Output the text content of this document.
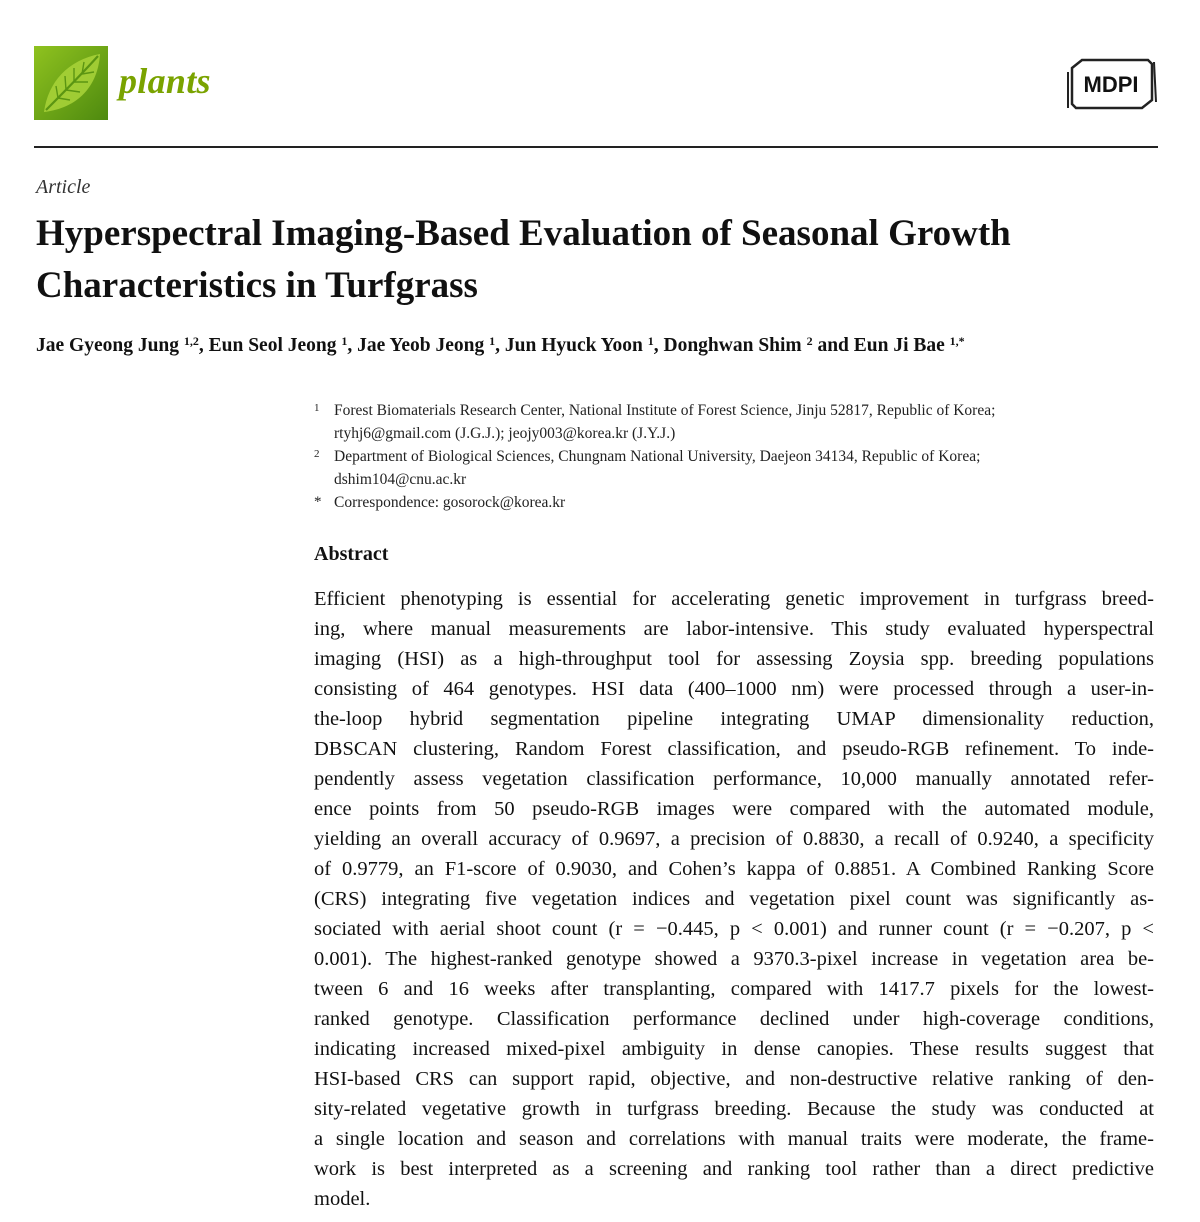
plants	MDPI
Article
Hyperspectral Imaging-Based Evaluation of Seasonal Growth
Characteristics in Turfgrass
Jae Gyeong Jung $^{1,2}$, Eun Seol Jeong $^1$, Jae Yeob Jeong $^1$, Jun Hyuck Yoon $^1$, Donghwan Shim $^2$ and Eun Ji Bae $^{1,*}$
1 Forest Biomaterials Research Center, National Institute of Forest Science, Jinju 52817, Republic of Korea;
rtyhj6@gmail.com (J.G.J.); jeojy003@korea.kr (J.Y.J.)
2 Department of Biological Sciences, Chungnam National University, Daejeon 34134, Republic of Korea;
dshim104@cnu.ac.kr
* Correspondence: gosorock@korea.kr
Abstract
Efficient phenotyping is essential for accelerating genetic improvement in turfgrass breed-
ing, where manual measurements are labor-intensive. This study evaluated hyperspectral
imaging (HSI) as a high-throughput tool for assessing Zoysia spp. breeding populations
consisting of 464 genotypes. HSI data (400–1000 nm) were processed through a user-in-
the-loop hybrid segmentation pipeline integrating UMAP dimensionality reduction,
DBSCAN clustering, Random Forest classification, and pseudo-RGB refinement. To inde-
pendently assess vegetation classification performance, 10,000 manually annotated refer-
ence points from 50 pseudo-RGB images were compared with the automated module,
yielding an overall accuracy of 0.9697, a precision of 0.8830, a recall of 0.9240, a specificity
of 0.9779, an F1-score of 0.9030, and Cohen’s kappa of 0.8851. A Combined Ranking Score
(CRS) integrating five vegetation indices and vegetation pixel count was significantly as-
sociated with aerial shoot count (r = −0.445, p < 0.001) and runner count (r = −0.207, p <
0.001). The highest-ranked genotype showed a 9370.3-pixel increase in vegetation area be-
tween 6 and 16 weeks after transplanting, compared with 1417.7 pixels for the lowest-
ranked genotype. Classification performance declined under high-coverage conditions,
indicating increased mixed-pixel ambiguity in dense canopies. These results suggest that
HSI-based CRS can support rapid, objective, and non-destructive relative ranking of den-
sity-related vegetative growth in turfgrass breeding. Because the study was conducted at
a single location and season and correlations with manual traits were moderate, the frame-
work is best interpreted as a screening and ranking tool rather than a direct predictive
model.
